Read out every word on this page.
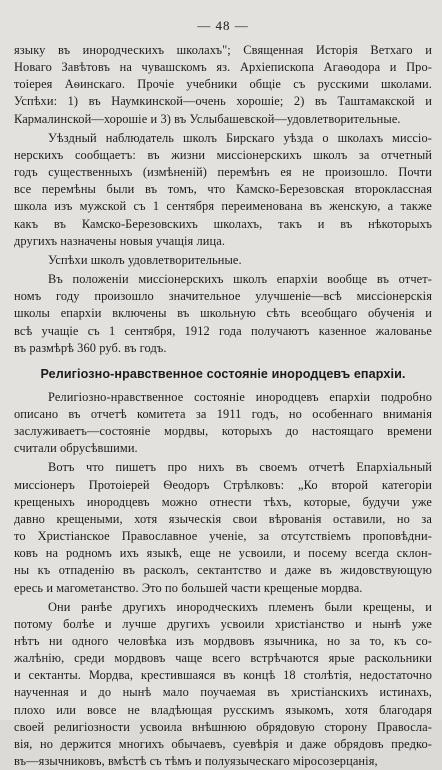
— 48 —
языку въ инородческихъ школахъ"; Священная Исторія Ветхаго и
Новаго Завѣтовъ на чувашскомъ яз. Архіепископа Агаѳодора и Про-
тоіерея Аѳинскаго. Прочіе учебники общіе съ русскими школами.
Успѣхи: 1) въ Наумкинской—очень хорошіе; 2) въ Таштамакской и
Кармалинской—хорошіе и 3) въ Услыбашевской—удовлетворительные.
Уѣздный наблюдатель школъ Бирскаго уѣзда о школахъ миссіо-
нерскихъ сообщаетъ: въ жизни миссіонерскихъ школъ за отчетный
годъ существенныхъ (измѣненій) перемѣнъ ея не произошло. Почти
все перемѣны были въ томъ, что Камско-Березовская второклассная
школа изъ мужской съ 1 сентября переименована въ женскую, а также
какъ въ Камско-Березовскихъ школахъ, такъ и въ нѣкоторыхъ
другихъ назначены новыя учащія лица.
Успѣхи школъ удовлетворительные.
Въ положеніи миссіонерскихъ школъ епархіи вообще въ отчет-
номъ году произошло значительное улучшеніе—всѣ миссіонерскія
школы епархіи включены въ школьную сѣть всеобщаго обученія и
всѣ учащіе съ 1 сентября, 1912 года получаютъ казенное жалованье
въ размѣрѣ 360 руб. въ годъ.
Религіозно-нравственное состояніе инородцевъ епархіи.
Религіозно-нравственное состояніе инородцевъ епархіи подробно
описано въ отчетѣ комитета за 1911 годъ, но особеннаго вниманія
заслуживаетъ—состояніе мордвы, которыхъ до настоящаго времени
считали обрусѣвшими.
Вотъ что пишетъ про нихъ въ своемъ отчетѣ Епархіальный
миссіонеръ Протоіерей Ѳеодоръ Стрѣлковъ: „Ко второй категоріи
крещеныхъ инородцевъ можно отнести тѣхъ, которые, будучи уже
давно крещеными, хотя языческія свои вѣрованія оставили, но за
то Христіанское Православное ученіе, за отсутствіемъ проповѣдни-
ковъ на родномъ ихъ языкѣ, еще не усвоили, и посему всегда склон-
ны къ отпаденію въ расколъ, сектантство и даже въ жидовствующую
ересь и магометанство. Это по большей части крещеные мордва.
Они ранѣе другихъ инородческихъ племенъ были крещены, и
потому болѣе и лучше другихъ усвоили христіанство и нынѣ уже
нѣтъ ни одного человѣка изъ мордвовъ язычника, но за то, къ со-
жалѣнію, среди мордвовъ чаще всего встрѣчаются ярые раскольники
и сектанты. Мордва, крестившаяся въ концѣ 18 столѣтія, недостаточно
наученная и до нынѣ мало поучаемая въ христіанскихъ истинахъ,
плохо или вовсе не владѣющая русскимъ языкомъ, хотя благодаря
своей религіозности усвоила внѣшнюю обрядовую сторону Правосла-
вія, но держится многихъ обычаевъ, суевѣрія и даже обрядовъ предко-
въ—язычниковъ, вмѣстѣ съ тѣмъ и полуязыческаго міросозерцанія,
